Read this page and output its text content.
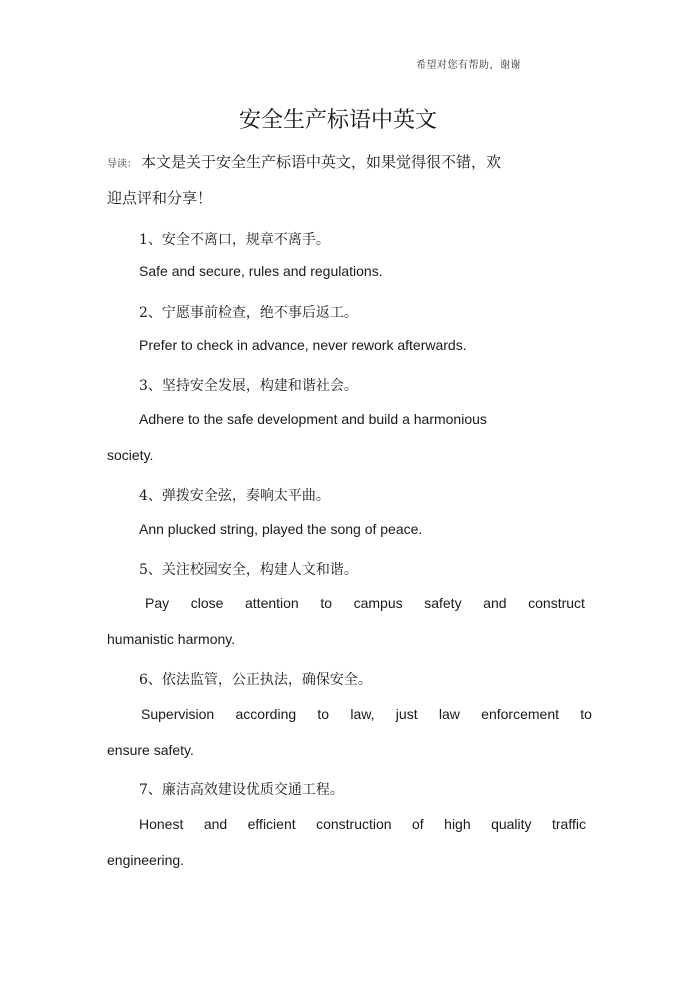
希望对您有帮助，谢谢
安全生产标语中英文
导读： 本文是关于安全生产标语中英文，如果觉得很不错，欢
迎点评和分享！
1、安全不离口，规章不离手。
Safe and secure, rules and regulations.
2、宁愿事前检查，绝不事后返工。
Prefer to check in advance, never rework afterwards.
3、坚持安全发展，构建和谐社会。
Adhere to the safe development and build a harmonious
society.
4、弹拨安全弦，奏响太平曲。
Ann plucked string, played the song of peace.
5、关注校园安全，构建人文和谐。
Pay close attention to campus safety and construct
humanistic harmony.
6、依法监管，公正执法，确保安全。
Supervision according to law, just law enforcement to
ensure safety.
7、廉洁高效建设优质交通工程。
Honest and efficient construction of high quality traffic
engineering.
